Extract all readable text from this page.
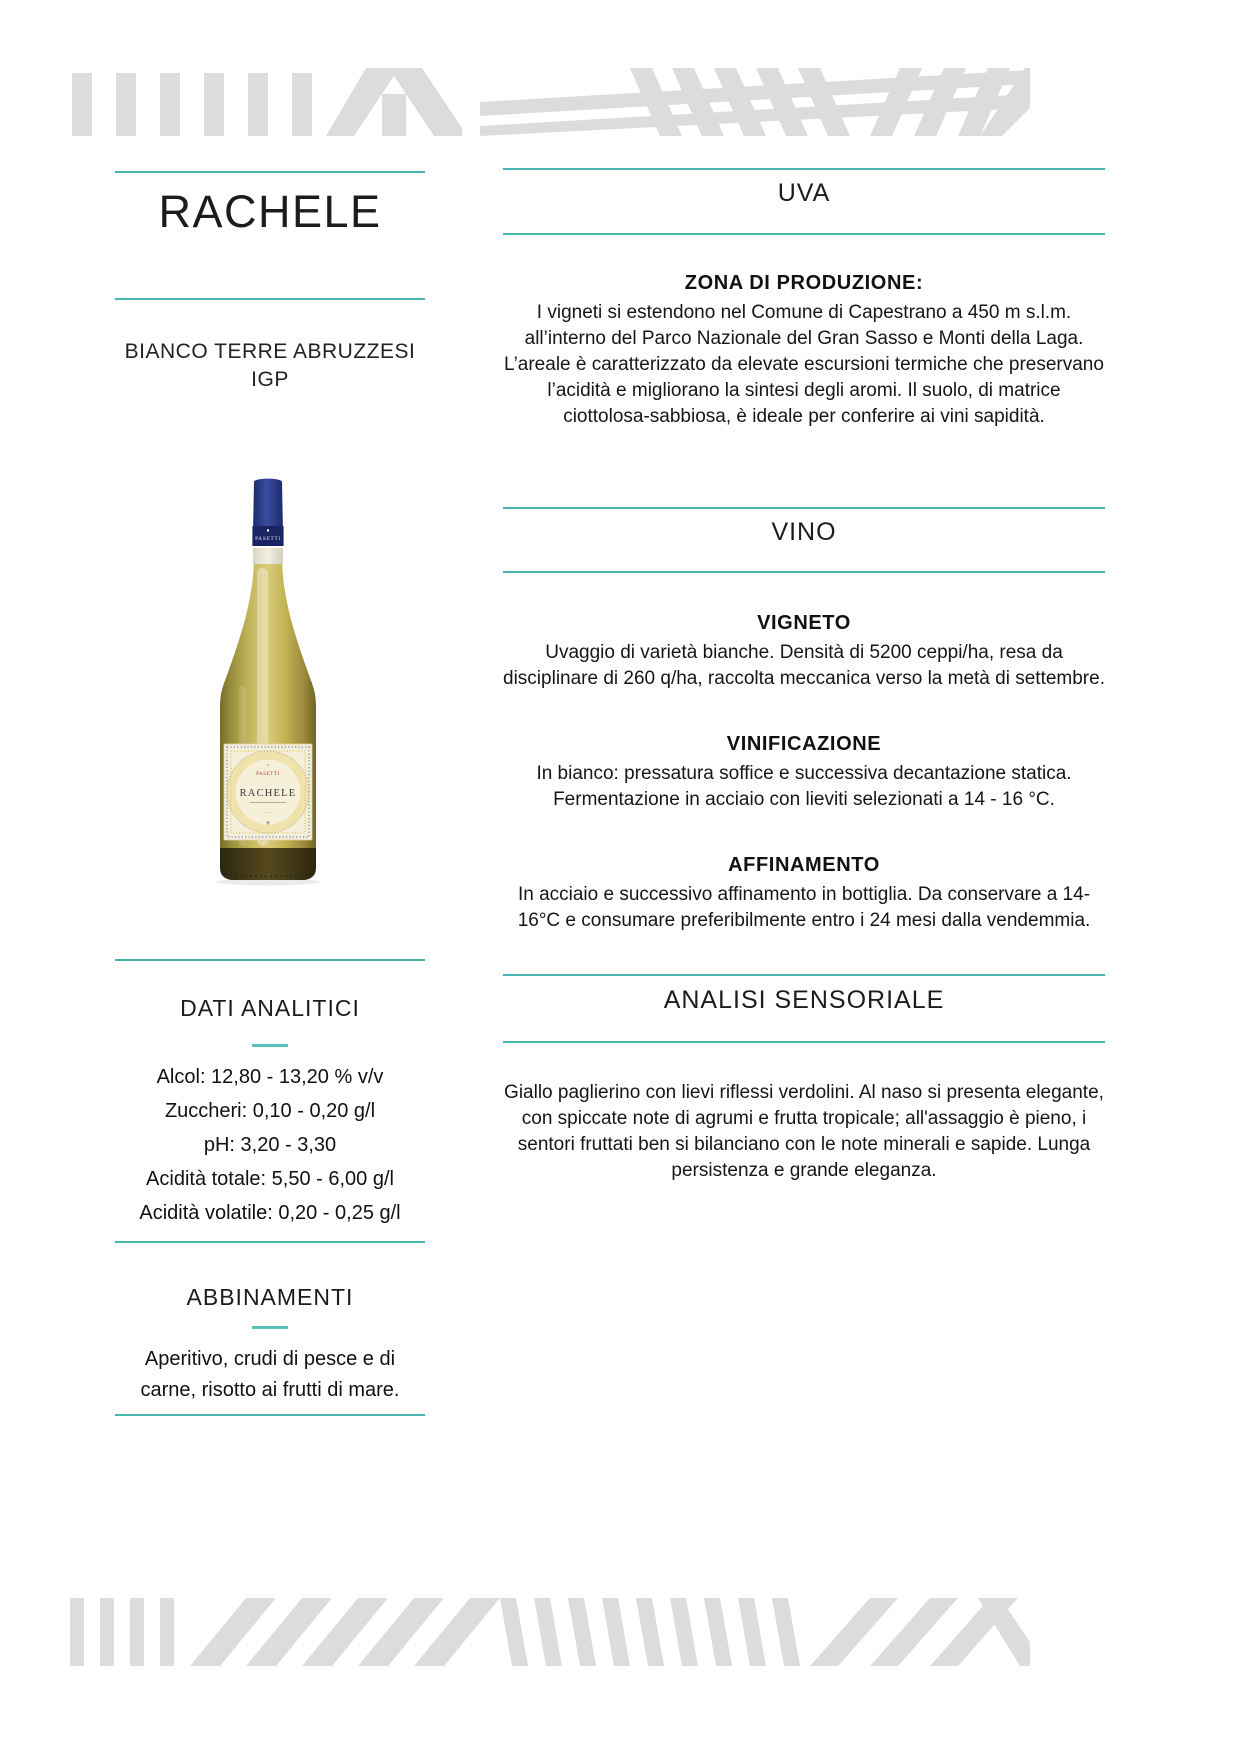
RACHELE
BIANCO TERRE ABRUZZESI
IGP
PASETTI
✦
PASETTI
RACHELE
······
⚜
DATI ANALITICI
Alcol: 12,80 - 13,20 % v/v
Zuccheri: 0,10 - 0,20 g/l
pH: 3,20 - 3,30
Acidità totale: 5,50 - 6,00 g/l
Acidità volatile: 0,20 - 0,25 g/l
ABBINAMENTI
Aperitivo, crudi di pesce e di carne, risotto ai frutti di mare.
UVA
ZONA DI PRODUZIONE:
I vigneti si estendono nel Comune di Capestrano a 450 m s.l.m. all’interno del Parco Nazionale del Gran Sasso e Monti della Laga. L’areale è caratterizzato da elevate escursioni termiche che preservano l’acidità e migliorano la sintesi degli aromi. Il suolo, di matrice ciottolosa-sabbiosa, è ideale per conferire ai vini sapidità.
VINO
VIGNETO
Uvaggio di varietà bianche. Densità di 5200 ceppi/ha, resa da disciplinare di 260 q/ha, raccolta meccanica verso la metà di settembre.
VINIFICAZIONE
In bianco: pressatura soffice e successiva decantazione statica. Fermentazione in acciaio con lieviti selezionati a 14 - 16 °C.
AFFINAMENTO
In acciaio e successivo affinamento in bottiglia. Da conservare a 14-16°C e consumare preferibilmente entro i 24 mesi dalla vendemmia.
ANALISI SENSORIALE
Giallo paglierino con lievi riflessi verdolini. Al naso si presenta elegante, con spiccate note di agrumi e frutta tropicale; all'assaggio è pieno, i sentori fruttati ben si bilanciano con le note minerali e sapide. Lunga persistenza e grande eleganza.
